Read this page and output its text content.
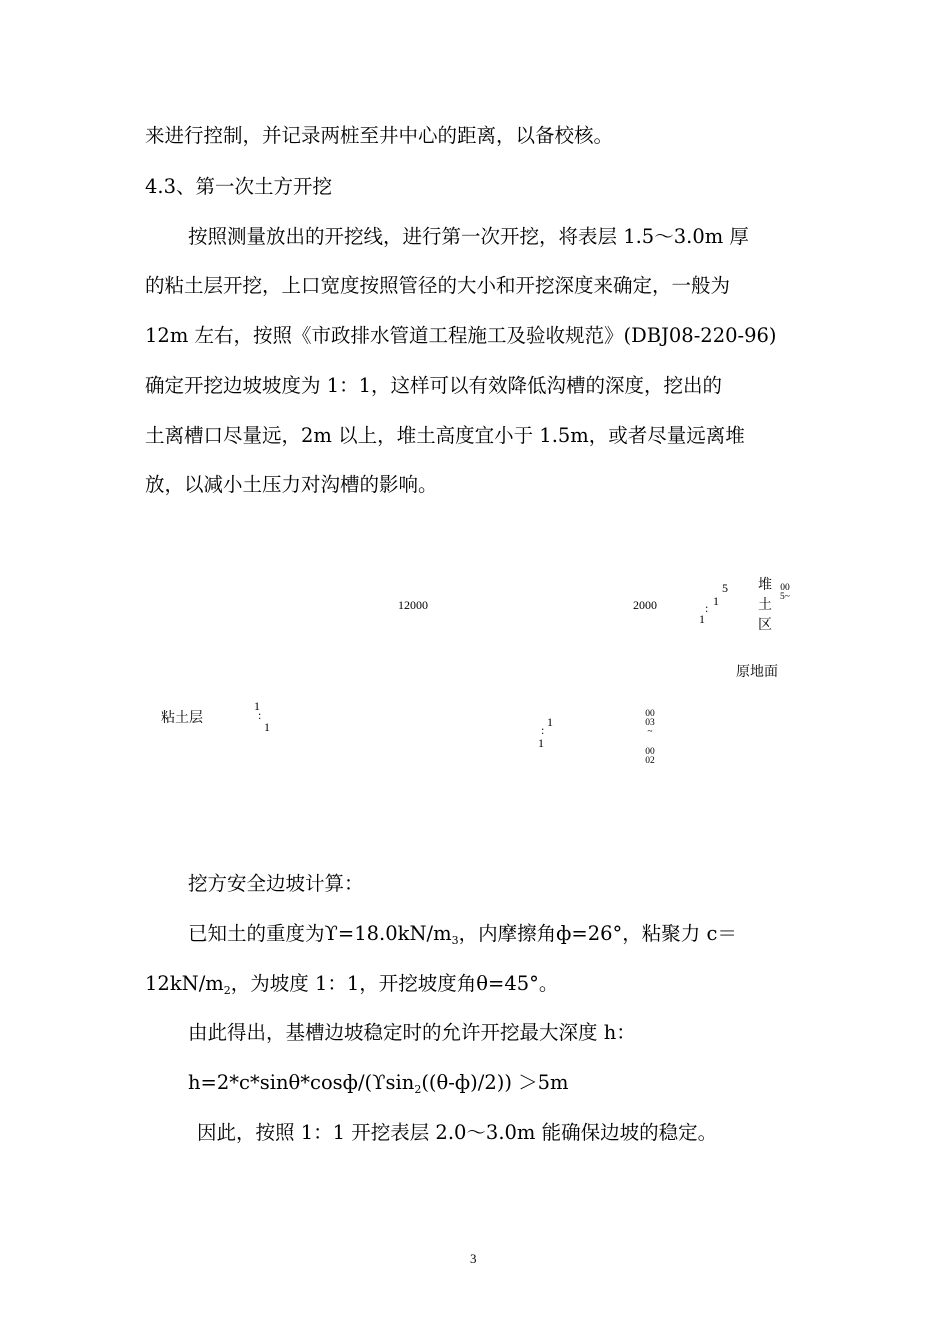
来进行控制，并记录两桩至井中心的距离，以备校核。
4.3、第一次土方开挖
按照测量放出的开挖线，进行第一次开挖，将表层 1.5～3.0m 厚
的粘土层开挖，上口宽度按照管径的大小和开挖深度来确定，一般为
12m 左右，按照《市政排水管道工程施工及验收规范》(DBJ08-220-96)
确定开挖边坡坡度为 1：1，这样可以有效降低沟槽的深度，挖出的
土离槽口尽量远，2m 以上，堆土高度宜小于 1.5m，或者尽量远离堆
放，以减小土压力对沟槽的影响。
12000	2000
1
: 1
5 堆
土
区
005~
原地面
粘土层
1
:
1	1
:
1
0003~
0002
挖方安全边坡计算：
已知土的重度为$ϒ=18.0kN/m_3$，内摩擦角ф=26°，粘聚力 c＝
$12kN/m_2$，为坡度 1：1，开挖坡度角θ=45°。
由此得出，基槽边坡稳定时的允许开挖最大深度 h：
h=2*c*sinθ*cosф/(ϒsin$_2$((θ-ф)/2)) ＞5m
因此，按照 1：1 开挖表层 2.0～3.0m 能确保边坡的稳定。
3
